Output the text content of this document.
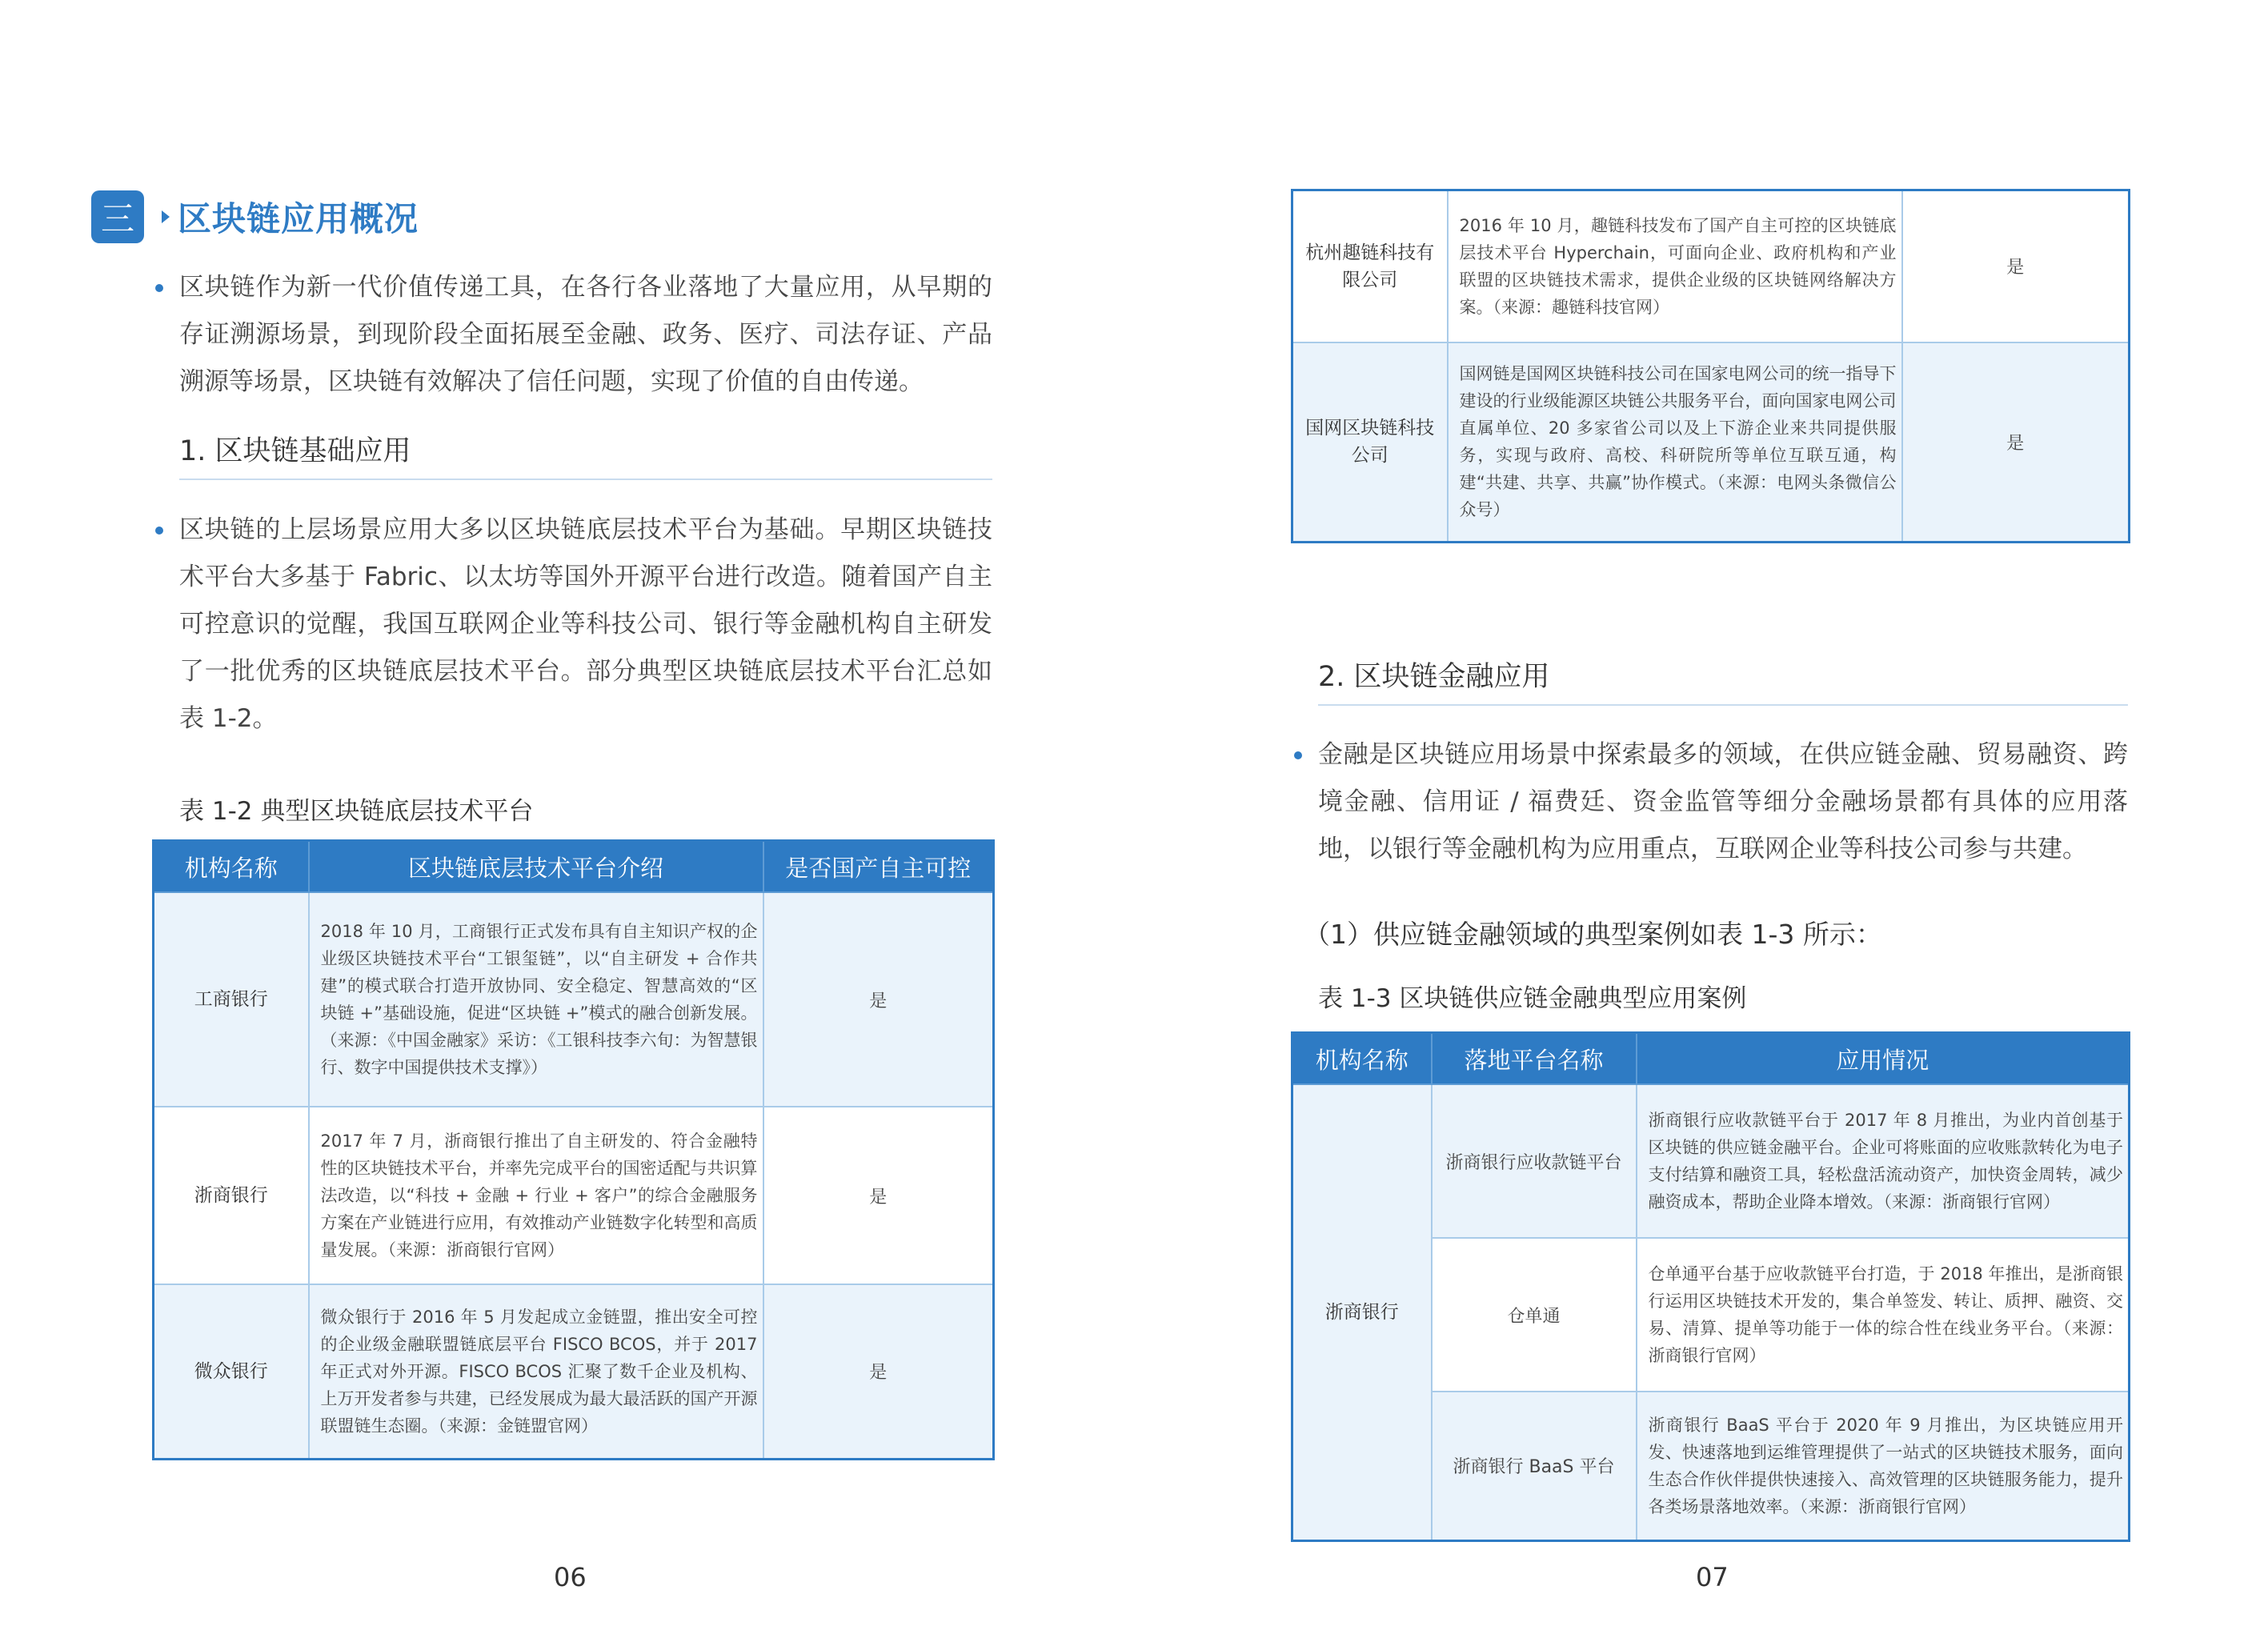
三 区块链应用概况
区块链作为新一代价值传递工具，在各行各业落地了大量应用，从早期的存证溯源场景，到现阶段全面拓展至金融、政务、医疗、司法存证、产品溯源等场景，区块链有效解决了信任问题，实现了价值的自由传递。
1. 区块链基础应用
区块链的上层场景应用大多以区块链底层技术平台为基础。早期区块链技术平台大多基于 Fabric、以太坊等国外开源平台进行改造。随着国产自主可控意识的觉醒，我国互联网企业等科技公司、银行等金融机构自主研发了一批优秀的区块链底层技术平台。部分典型区块链底层技术平台汇总如表 1-2。
表 1-2 典型区块链底层技术平台
机构名称	区块链底层技术平台介绍	是否国产自主可控
工商银行	2018 年 10 月，工商银行正式发布具有自主知识产权的企业级区块链技术平台“工银玺链”，以“自主研发 + 合作共建”的模式联合打造开放协同、安全稳定、智慧高效的“区块链 +”基础设施，促进“区块链 +”模式的融合创新发展。（来源：《中国金融家》采访：《工银科技李六旬：为智慧银行、数字中国提供技术支撑》）	是
浙商银行	2017 年 7 月，浙商银行推出了自主研发的、符合金融特性的区块链技术平台，并率先完成平台的国密适配与共识算法改造，以“科技 + 金融 + 行业 + 客户”的综合金融服务方案在产业链进行应用，有效推动产业链数字化转型和高质量发展。（来源：浙商银行官网）	是
微众银行	微众银行于 2016 年 5 月发起成立金链盟，推出安全可控的企业级金融联盟链底层平台 FISCO BCOS，并于 2017 年正式对外开源。FISCO BCOS 汇聚了数千企业及机构、上万开发者参与共建，已经发展成为最大最活跃的国产开源联盟链生态圈。（来源：金链盟官网）	是
06
杭州趣链科技有限公司	2016 年 10 月，趣链科技发布了国产自主可控的区块链底层技术平台 Hyperchain，可面向企业、政府机构和产业联盟的区块链技术需求，提供企业级的区块链网络解决方案。（来源：趣链科技官网）	是
国网区块链科技公司	国网链是国网区块链科技公司在国家电网公司的统一指导下建设的行业级能源区块链公共服务平台，面向国家电网公司直属单位、20 多家省公司以及上下游企业来共同提供服务，实现与政府、高校、科研院所等单位互联互通，构建“共建、共享、共赢”协作模式。（来源：电网头条微信公众号）	是
2. 区块链金融应用
金融是区块链应用场景中探索最多的领域，在供应链金融、贸易融资、跨境金融、信用证 / 福费廷、资金监管等细分金融场景都有具体的应用落地，以银行等金融机构为应用重点，互联网企业等科技公司参与共建。
（1）供应链金融领域的典型案例如表 1-3 所示：
表 1-3 区块链供应链金融典型应用案例
机构名称	落地平台名称	应用情况
浙商银行	浙商银行应收款链平台	浙商银行应收款链平台于 2017 年 8 月推出，为业内首创基于区块链的供应链金融平台。企业可将账面的应收账款转化为电子支付结算和融资工具，轻松盘活流动资产，加快资金周转，减少融资成本，帮助企业降本增效。（来源：浙商银行官网）
	仓单通	仓单通平台基于应收款链平台打造，于 2018 年推出，是浙商银行运用区块链技术开发的，集合单签发、转让、质押、融资、交易、清算、提单等功能于一体的综合性在线业务平台。（来源：浙商银行官网）
	浙商银行 BaaS 平台	浙商银行 BaaS 平台于 2020 年 9 月推出，为区块链应用开发、快速落地到运维管理提供了一站式的区块链技术服务，面向生态合作伙伴提供快速接入、高效管理的区块链服务能力，提升各类场景落地效率。（来源：浙商银行官网）
07
